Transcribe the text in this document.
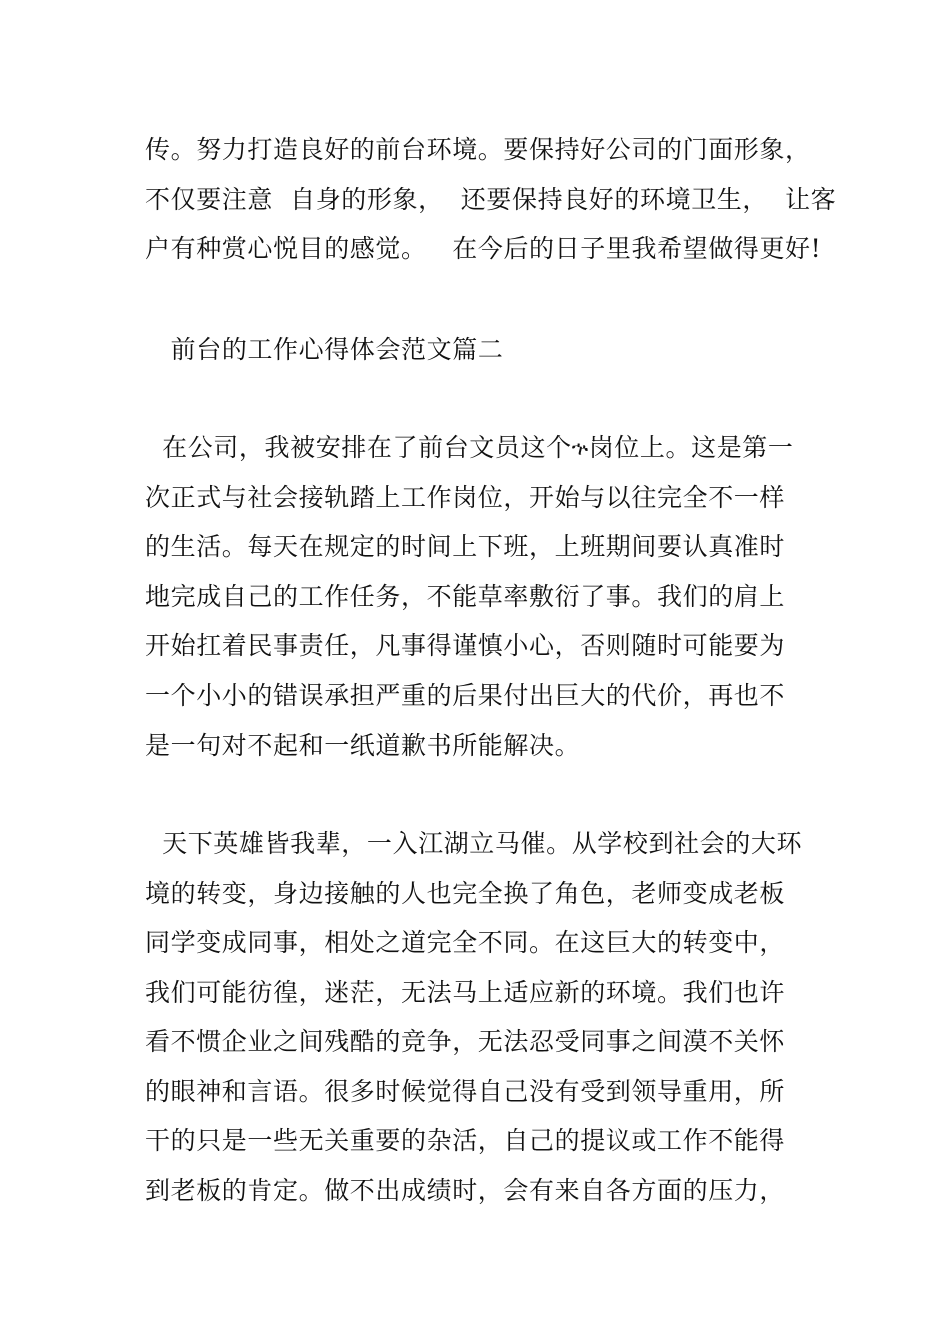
传。努力打造良好的前台环境。要保持好公司的门面形象，
不仅要注意  自身的形象，  还要保持良好的环境卫生，  让客
户有种赏心悦目的感觉。   在今后的日子里我希望做得更好!
前台的工作心得体会范文篇二
在公司，我被安排在了前台文员这个ኍ岗位上。这是第一
次正式与社会接轨踏上工作岗位，开始与以往完全不一样
的生活。每天在规定的时间上下班，上班期间要认真准时
地完成自己的工作任务，不能草率敷衍了事。我们的肩上
开始扛着民事责任，凡事得谨慎小心，否则随时可能要为
一个小小的错误承担严重的后果付出巨大的代价，再也不
是一句对不起和一纸道歉书所能解决。
天下英雄皆我辈，一入江湖立马催。从学校到社会的大环
境的转变，身边接触的人也完全换了角色，老师变成老板
同学变成同事，相处之道完全不同。在这巨大的转变中，
我们可能彷徨，迷茫，无法马上适应新的环境。我们也许
看不惯企业之间残酷的竞争，无法忍受同事之间漠不关怀
的眼神和言语。很多时候觉得自己没有受到领导重用，所
干的只是一些无关重要的杂活，自己的提议或工作不能得
到老板的肯定。做不出成绩时，会有来自各方面的压力，
